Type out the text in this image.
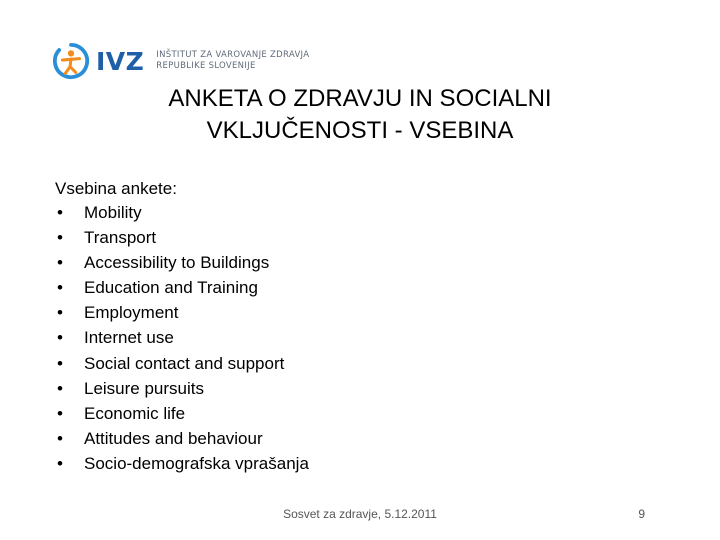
IVZ INŠTITUT ZA VAROVANJE ZDRAVJA
REPUBLIKE SLOVENIJE
ANKETA O ZDRAVJU IN SOCIALNI
VKLJUČENOSTI - VSEBINA
Vsebina ankete:
•	Mobility
•	Transport
•	Accessibility to Buildings
•	Education and Training
•	Employment
•	Internet use
•	Social contact and support
•	Leisure pursuits
•	Economic life
•	Attitudes and behaviour
•	Socio-demografska vprašanja
Sosvet za zdravje, 5.12.2011	9
